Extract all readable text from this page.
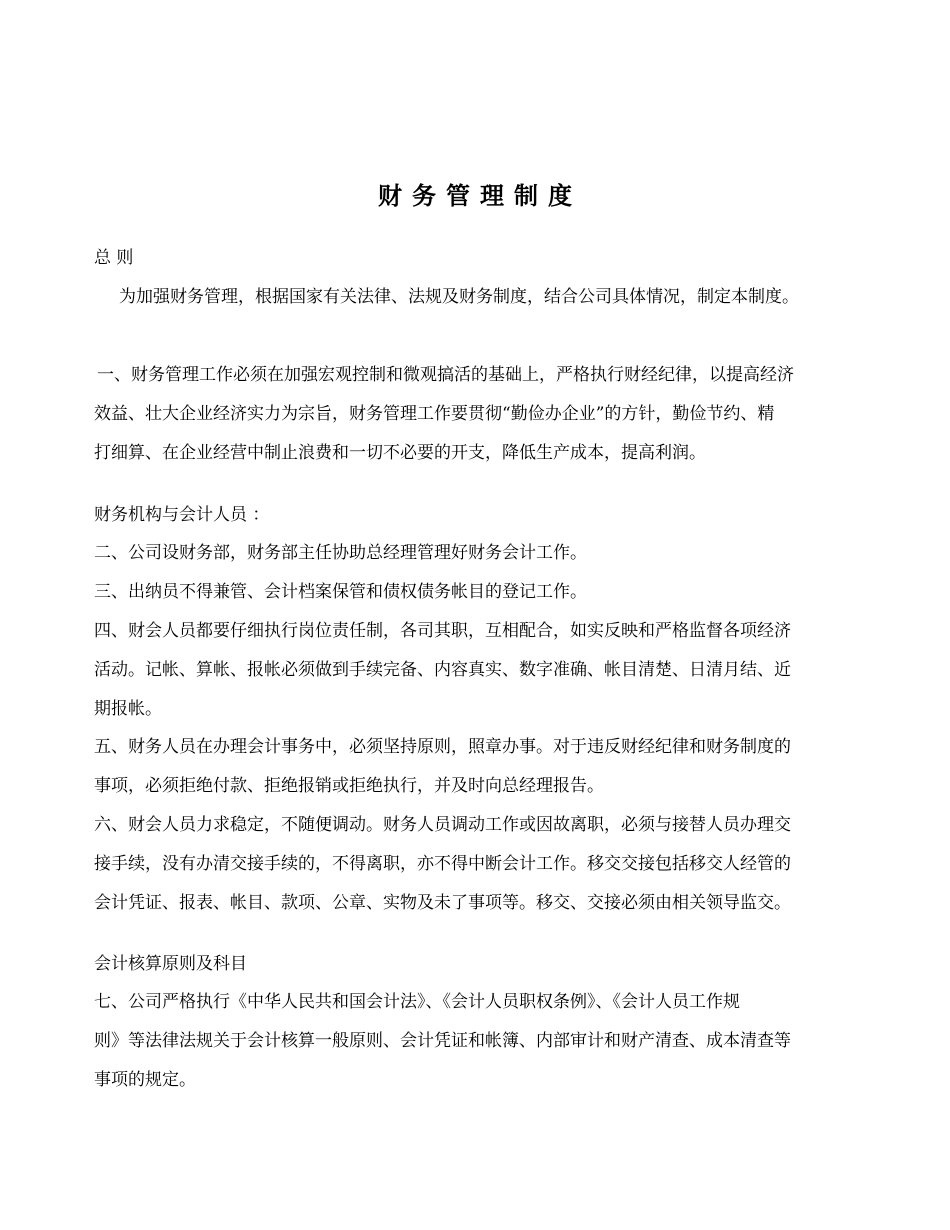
财务管理制度

总 则

为加强财务管理，根据国家有关法律、法规及财务制度，结合公司具体情况，制定本制度。

一、财务管理工作必须在加强宏观控制和微观搞活的基础上，严格执行财经纪律，以提高经济

效益、壮大企业经济实力为宗旨，财务管理工作要贯彻“勤俭办企业”的方针，勤俭节约、精

打细算、在企业经营中制止浪费和一切不必要的开支，降低生产成本，提高利润。

财务机构与会计人员 ：

二、公司设财务部，财务部主任协助总经理管理好财务会计工作。

三、出纳员不得兼管、会计档案保管和债权债务帐目的登记工作。

四、财会人员都要仔细执行岗位责任制，各司其职，互相配合，如实反映和严格监督各项经济

活动。记帐、算帐、报帐必须做到手续完备、内容真实、数字准确、帐目清楚、日清月结、近

期报帐。

五、财务人员在办理会计事务中，必须坚持原则，照章办事。对于违反财经纪律和财务制度的

事项，必须拒绝付款、拒绝报销或拒绝执行，并及时向总经理报告。

六、财会人员力求稳定，不随便调动。财务人员调动工作或因故离职，必须与接替人员办理交

接手续，没有办清交接手续的，不得离职，亦不得中断会计工作。移交交接包括移交人经管的

会计凭证、报表、帐目、款项、公章、实物及未了事项等。移交、交接必须由相关领导监交。

会计核算原则及科目

七、公司严格执行《中华人民共和国会计法》、《会计人员职权条例》、《会计人员工作规

则》等法律法规关于会计核算一般原则、会计凭证和帐簿、内部审计和财产清查、成本清查等

事项的规定。
